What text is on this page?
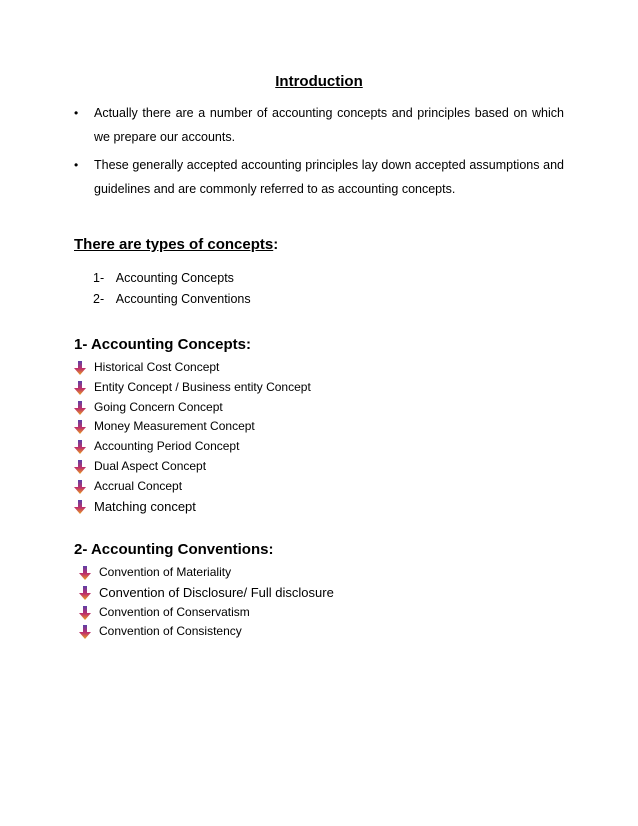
Introduction
• Actually there are a number of accounting concepts and principles based on which we prepare our accounts.
• These generally accepted accounting principles lay down accepted assumptions and guidelines and are commonly referred to as accounting concepts.
There are types of concepts:
1- Accounting Concepts
2- Accounting Conventions
1- Accounting Concepts:
Historical Cost Concept
Entity Concept / Business entity Concept
Going Concern Concept
Money Measurement Concept
Accounting Period Concept
Dual Aspect Concept
Accrual Concept
Matching concept
2- Accounting Conventions:
Convention of Materiality
Convention of Disclosure/ Full disclosure
Convention of Conservatism
Convention of Consistency
